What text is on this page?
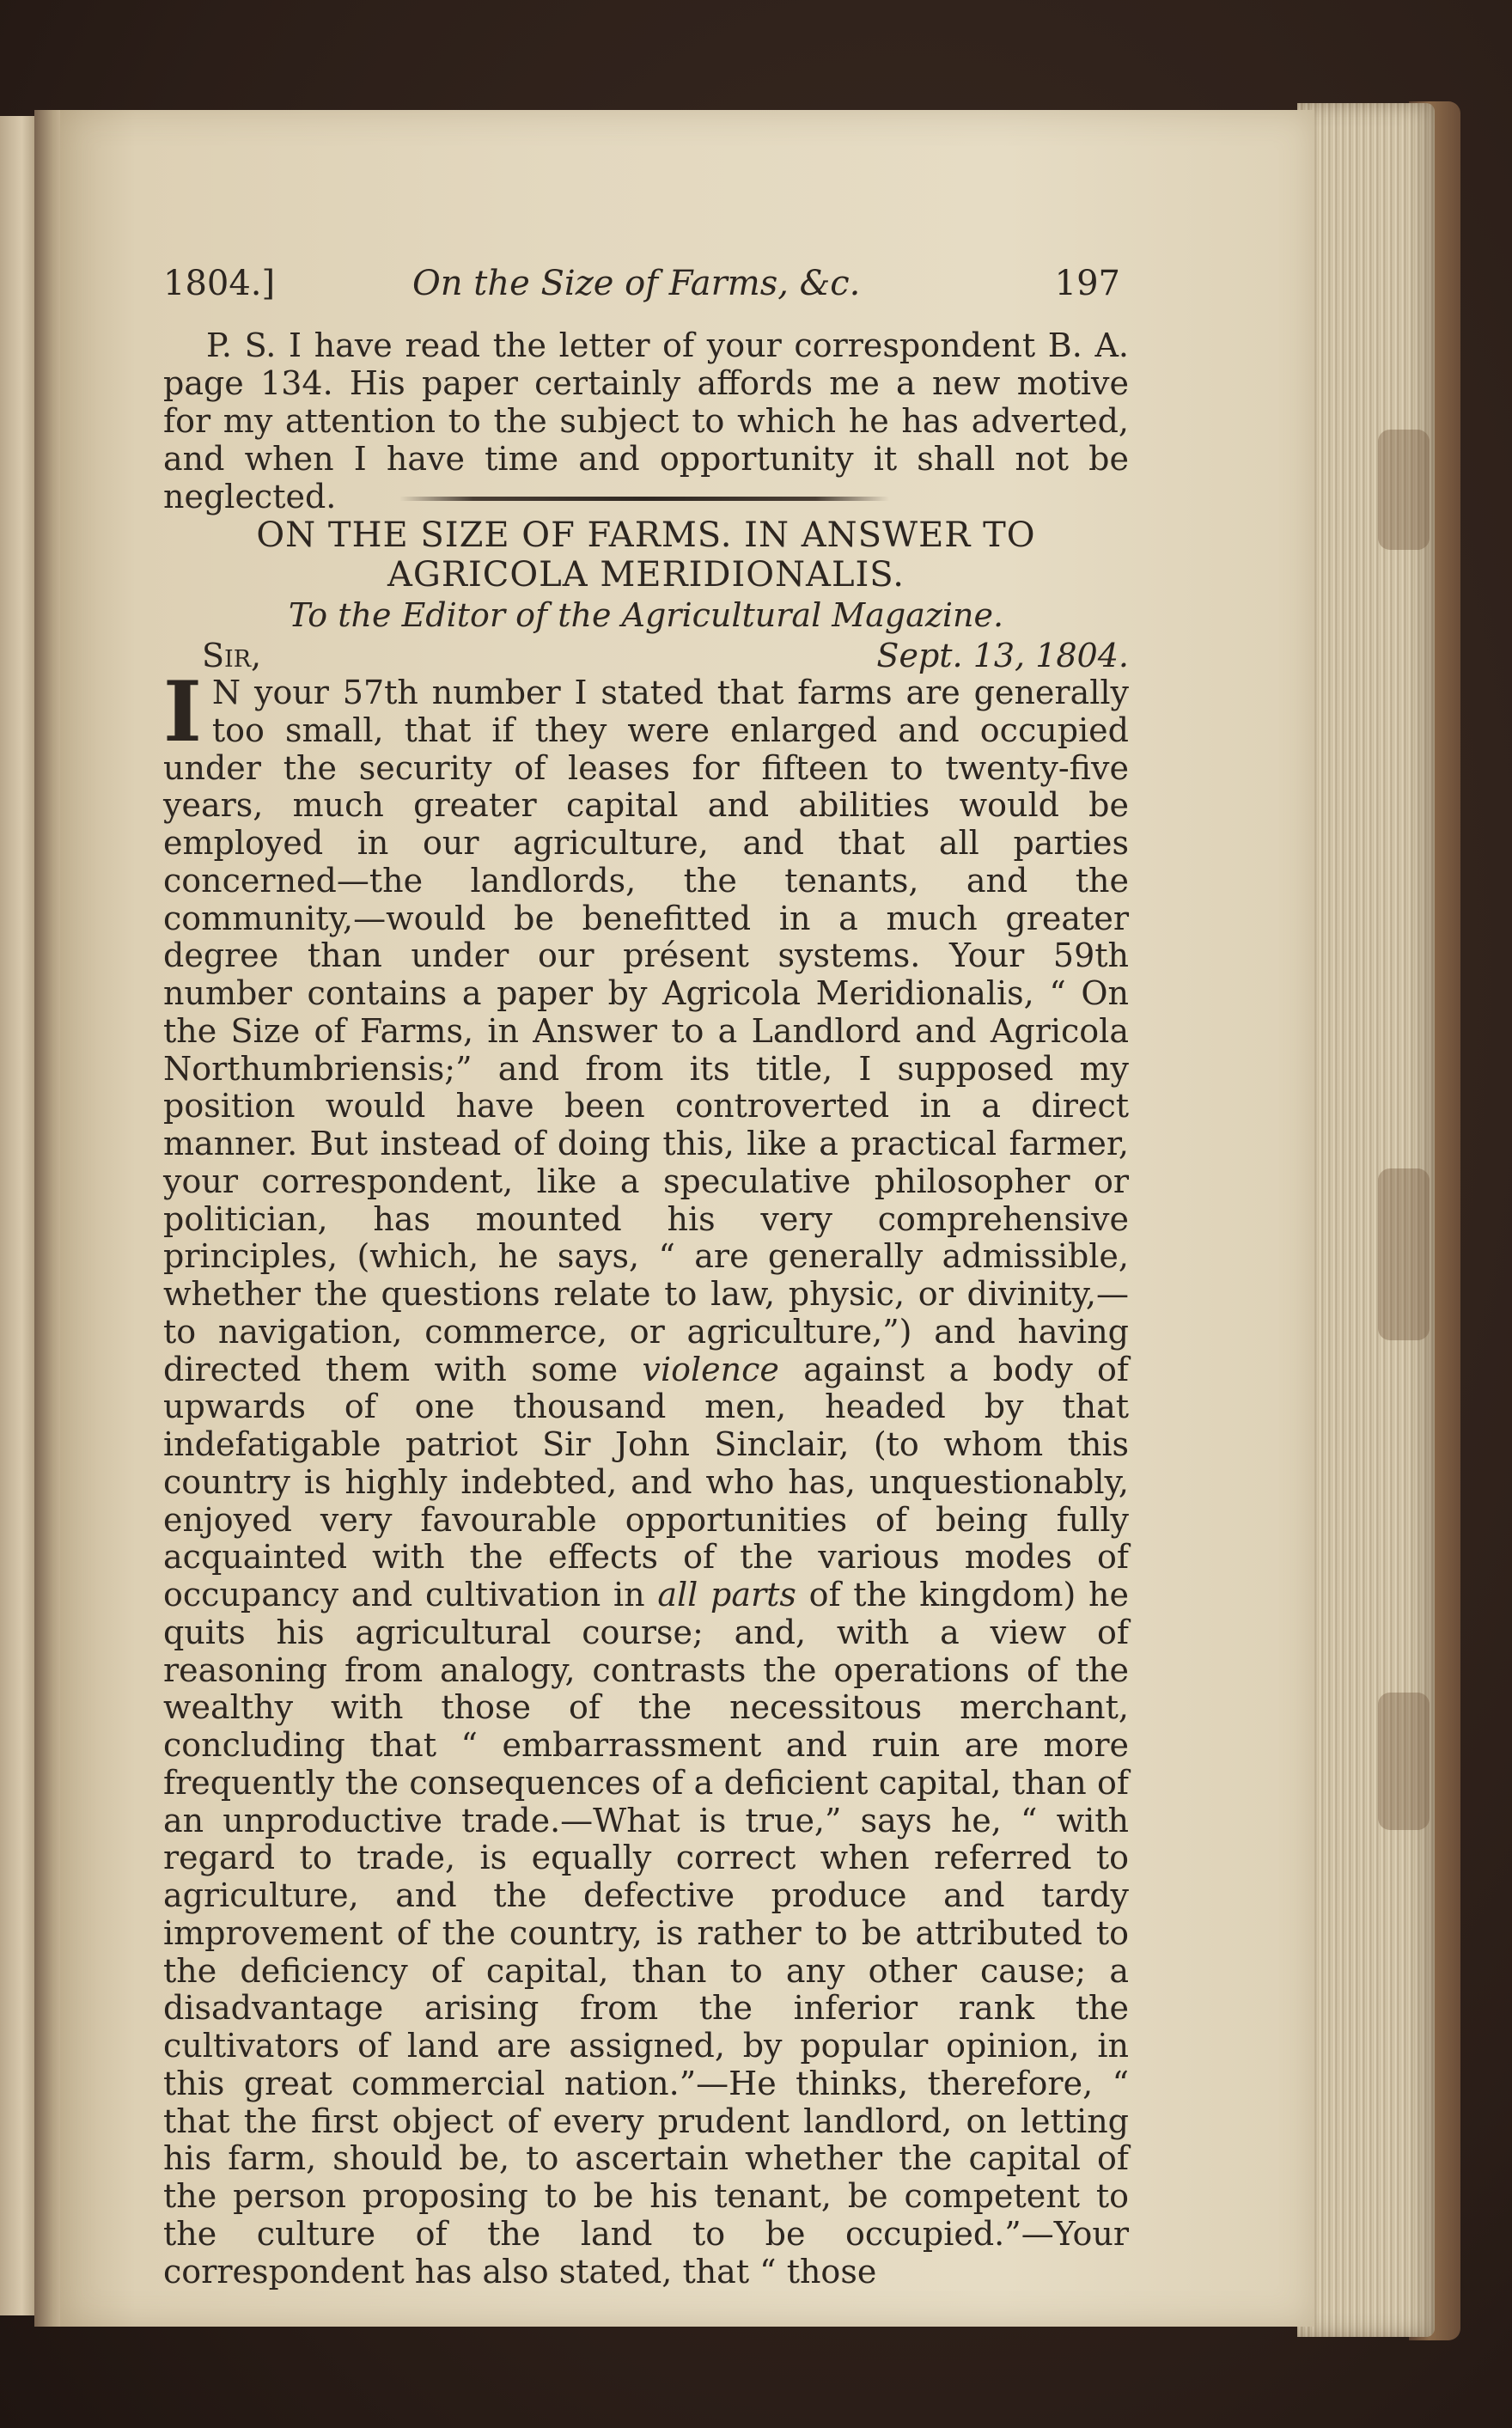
1804.]	On the Size of Farms, &c.	197
P. S. I have read the letter of your correspondent B. A. page 134. His paper certainly affords me a new motive for my attention to the subject to which he has adverted, and when I have time and opportunity it shall not be neglected.
ON THE SIZE OF FARMS. IN ANSWER TO AGRICOLA MERIDIONALIS.
To the Editor of the Agricultural Magazine.
Sir,	Sept. 13, 1804.
I N your 57th number I stated that farms are generally too small, that if they were enlarged and occupied under the security of leases for fifteen to twenty-five years, much greater capital and abilities would be employed in our agriculture, and that all parties concerned—the landlords, the tenants, and the community,—would be benefitted in a much greater degree than under our présent systems. Your 59th number contains a paper by Agricola Meridionalis, “ On the Size of Farms, in Answer to a Landlord and Agricola Northumbriensis;” and from its title, I supposed my position would have been controverted in a direct manner. But instead of doing this, like a practical farmer, your correspondent, like a speculative philosopher or politician, has mounted his very comprehensive principles, (which, he says, “ are generally admissible, whether the questions relate to law, physic, or divinity,—to navigation, commerce, or agriculture,”) and having directed them with some violence against a body of upwards of one thousand men, headed by that indefatigable patriot Sir John Sinclair, (to whom this country is highly indebted, and who has, unquestionably, enjoyed very favourable opportunities of being fully acquainted with the effects of the various modes of occupancy and cultivation in all parts of the kingdom) he quits his agricultural course; and, with a view of reasoning from analogy, contrasts the operations of the wealthy with those of the necessitous merchant, concluding that “ embarrassment and ruin are more frequently the consequences of a deficient capital, than of an unproductive trade.—What is true,” says he, “ with regard to trade, is equally correct when referred to agriculture, and the defective produce and tardy improvement of the country, is rather to be attributed to the deficiency of capital, than to any other cause; a disadvantage arising from the inferior rank the cultivators of land are assigned, by popular opinion, in this great commercial nation.”—He thinks, therefore, “ that the first object of every prudent landlord, on letting his farm, should be, to ascertain whether the capital of the person proposing to be his tenant, be competent to the culture of the land to be occupied.”—Your correspondent has also stated, that “ those
